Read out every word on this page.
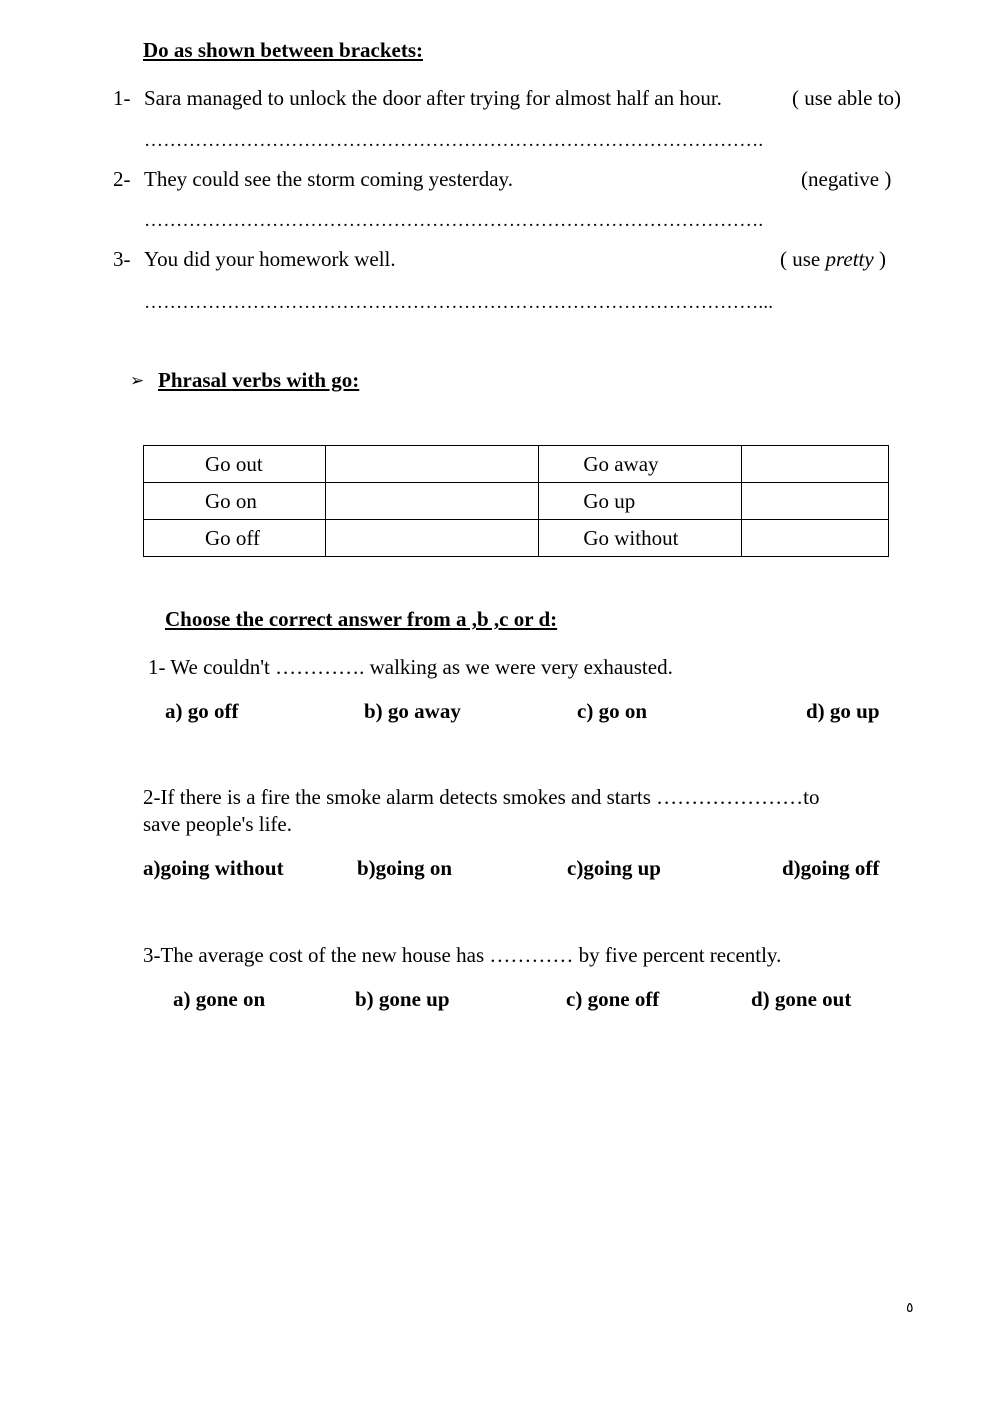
Do as shown between brackets:
1- Sara managed to unlock the door after trying for almost half an hour.	( use able to)
…………………………………………………………………………………….
2- They could see the storm coming yesterday.	(negative )
…………………………………………………………………………………….
3- You did your homework well.	( use pretty )
……………………………………………………………………………………...
➢ Phrasal verbs with go:
Go out		Go away	
Go on		Go up	
Go off		Go without	
Choose the correct answer from a ,b ,c or d:
1- We couldn't …………. walking as we were very exhausted.
a) go off	b) go away	c) go on	d) go up
2-If there is a fire the smoke alarm detects smokes and starts …………………to
save people's life.
a)going without	b)going on	c)going up	d)going off
3-The average cost of the new house has ………… by five percent recently.
a) gone on	b) gone up	c) gone off	d) gone out
٥
